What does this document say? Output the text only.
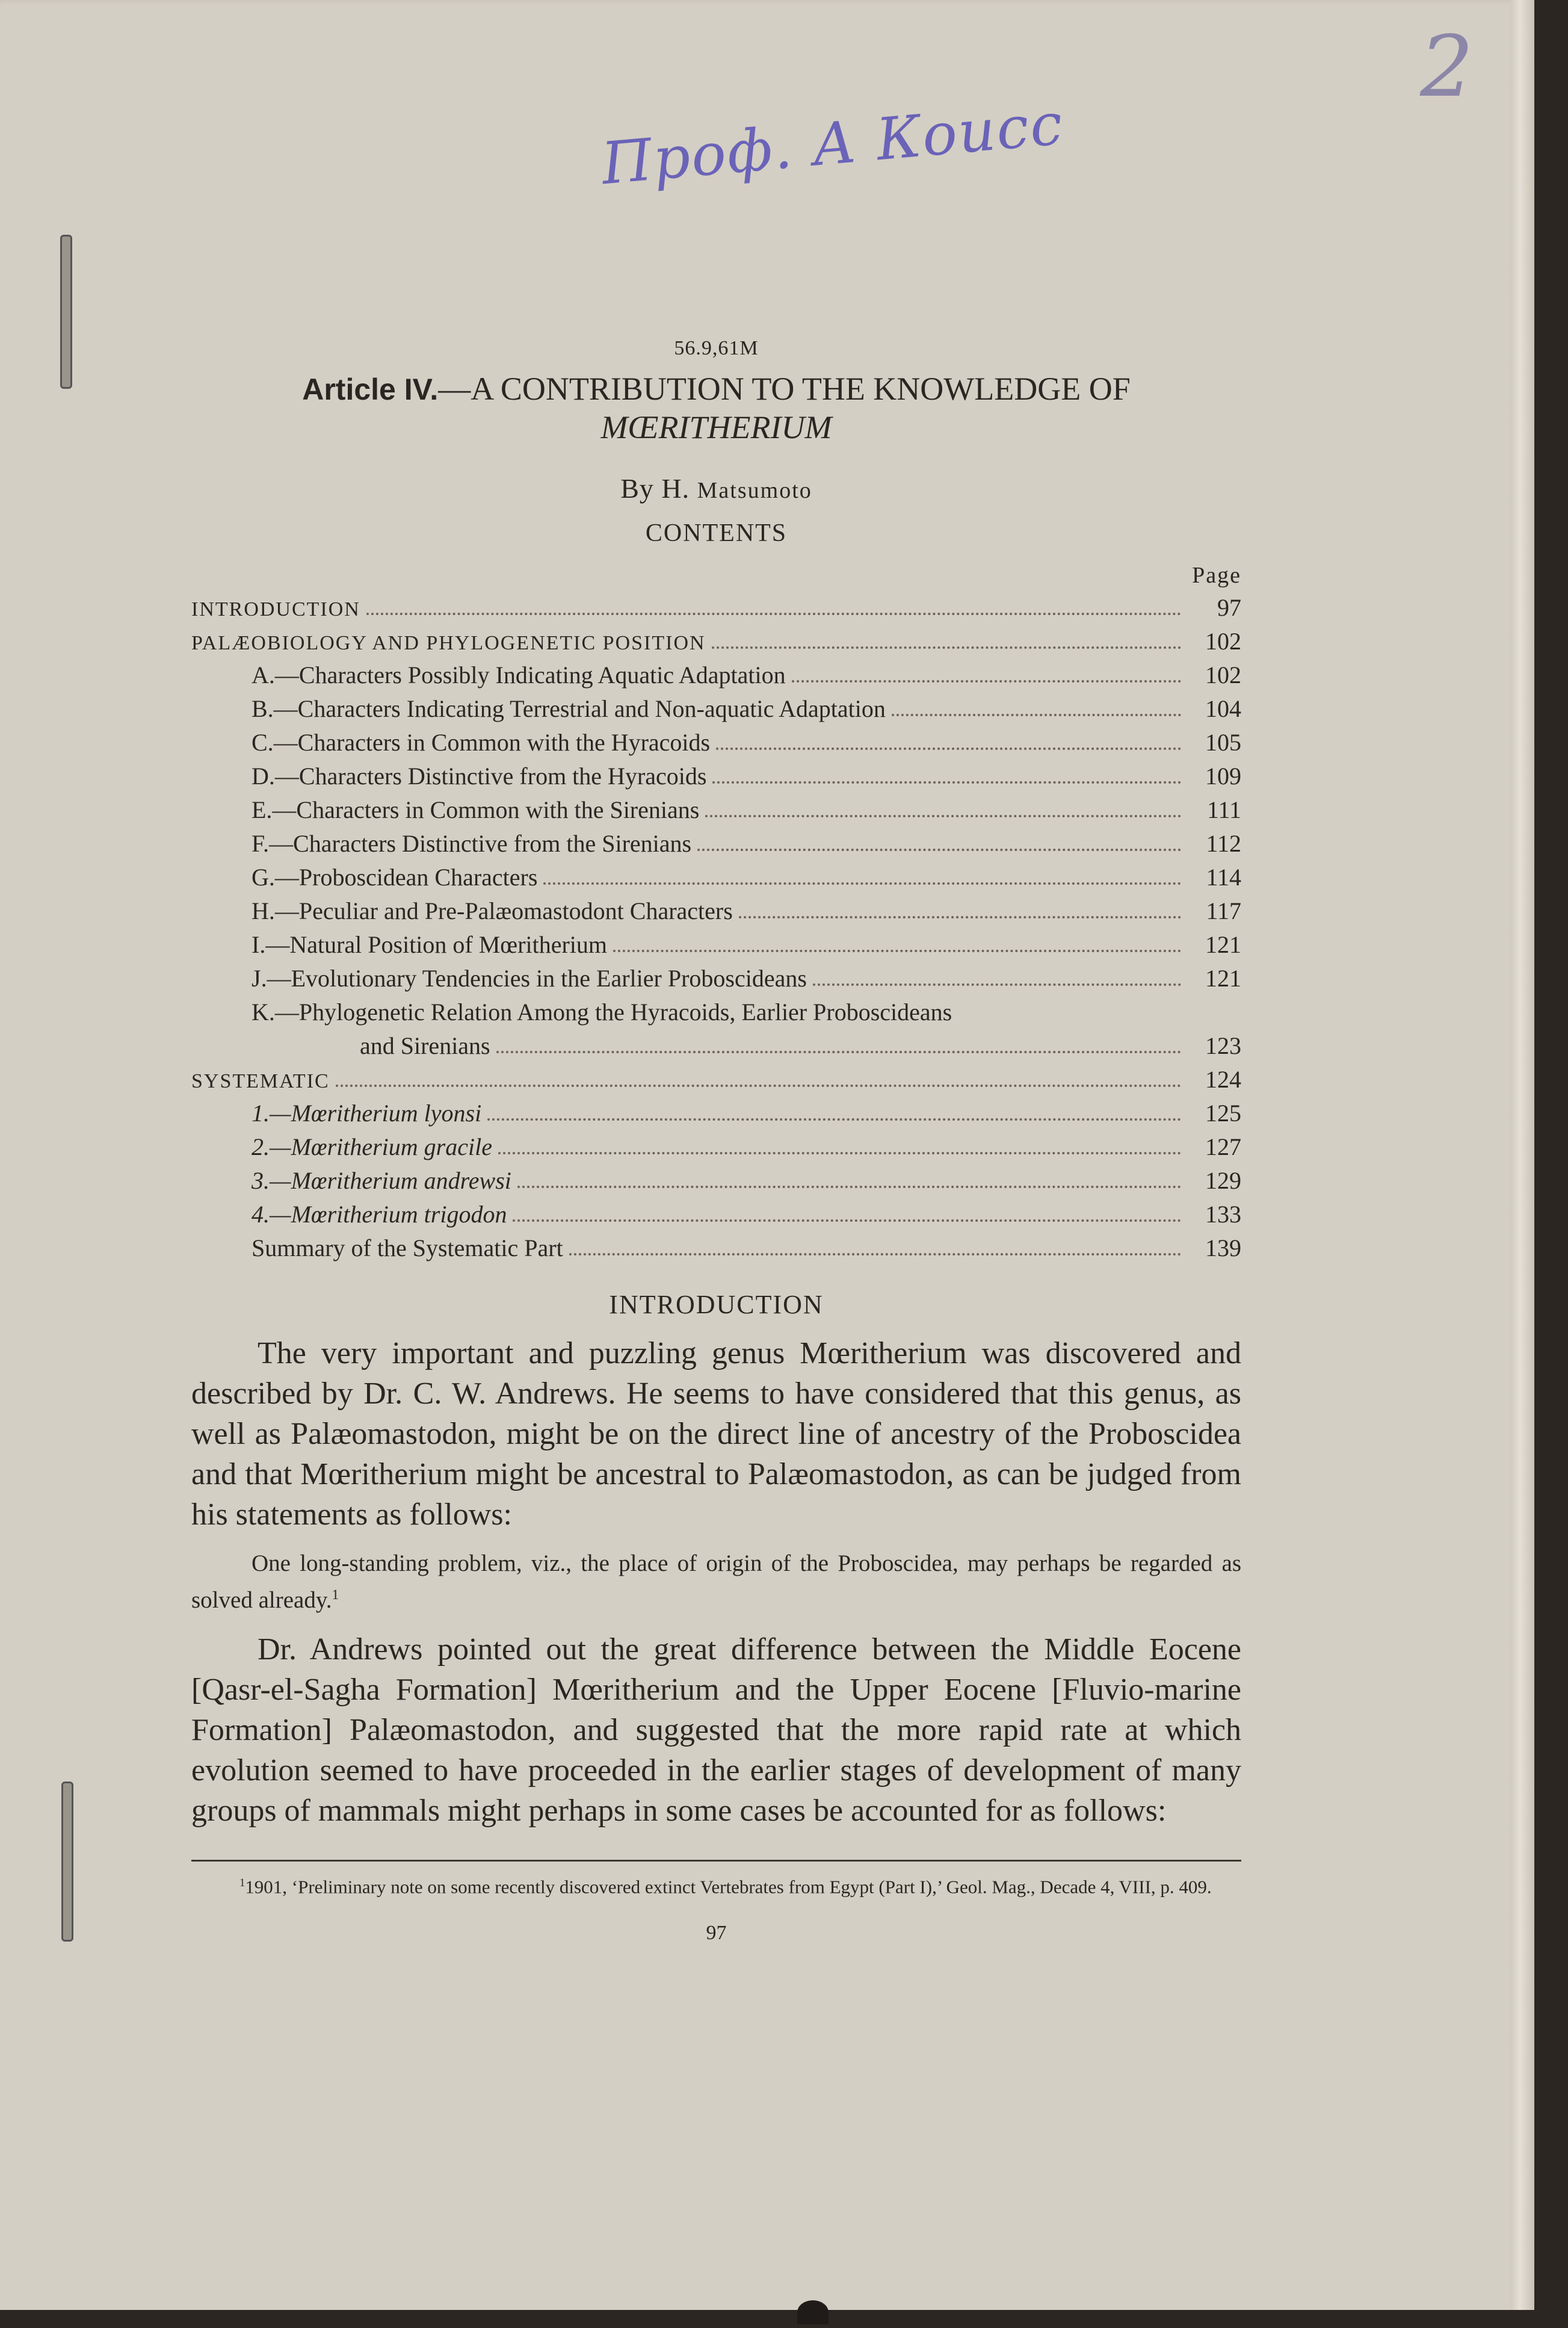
Проф. А Коисс
2

56.9,61M

Article IV.—A CONTRIBUTION TO THE KNOWLEDGE OF

MŒRITHERIUM

By H. Matsumoto

CONTENTS

Page

INTRODUCTION	97
PALÆOBIOLOGY AND PHYLOGENETIC POSITION	102
A.—Characters Possibly Indicating Aquatic Adaptation	102
B.—Characters Indicating Terrestrial and Non-aquatic Adaptation	104
C.—Characters in Common with the Hyracoids	105
D.—Characters Distinctive from the Hyracoids	109
E.—Characters in Common with the Sirenians	111
F.—Characters Distinctive from the Sirenians	112
G.—Proboscidean Characters	114
H.—Peculiar and Pre-Palæomastodont Characters	117
I.—Natural Position of Mœritherium	121
J.—Evolutionary Tendencies in the Earlier Proboscideans	121
K.—Phylogenetic Relation Among the Hyracoids, Earlier Proboscideans
and Sirenians	123
SYSTEMATIC	124
1.—Mœritherium lyonsi	125
2.—Mœritherium gracile	127
3.—Mœritherium andrewsi	129
4.—Mœritherium trigodon	133
Summary of the Systematic Part	139

INTRODUCTION

The very important and puzzling genus Mœritherium was discovered and described by Dr. C. W. Andrews. He seems to have considered that this genus, as well as Palæomastodon, might be on the direct line of ancestry of the Proboscidea and that Mœritherium might be ancestral to Palæomastodon, as can be judged from his statements as follows:

One long-standing problem, viz., the place of origin of the Proboscidea, may perhaps be regarded as solved already.$^1$

Dr. Andrews pointed out the great difference between the Middle Eocene [Qasr-el-Sagha Formation] Mœritherium and the Upper Eocene [Fluvio-marine Formation] Palæomastodon, and suggested that the more rapid rate at which evolution seemed to have proceeded in the earlier stages of development of many groups of mammals might perhaps in some cases be accounted for as follows:

$^1$1901, ‘Preliminary note on some recently discovered extinct Vertebrates from Egypt (Part I),’ Geol. Mag., Decade 4, VIII, p. 409.

97
